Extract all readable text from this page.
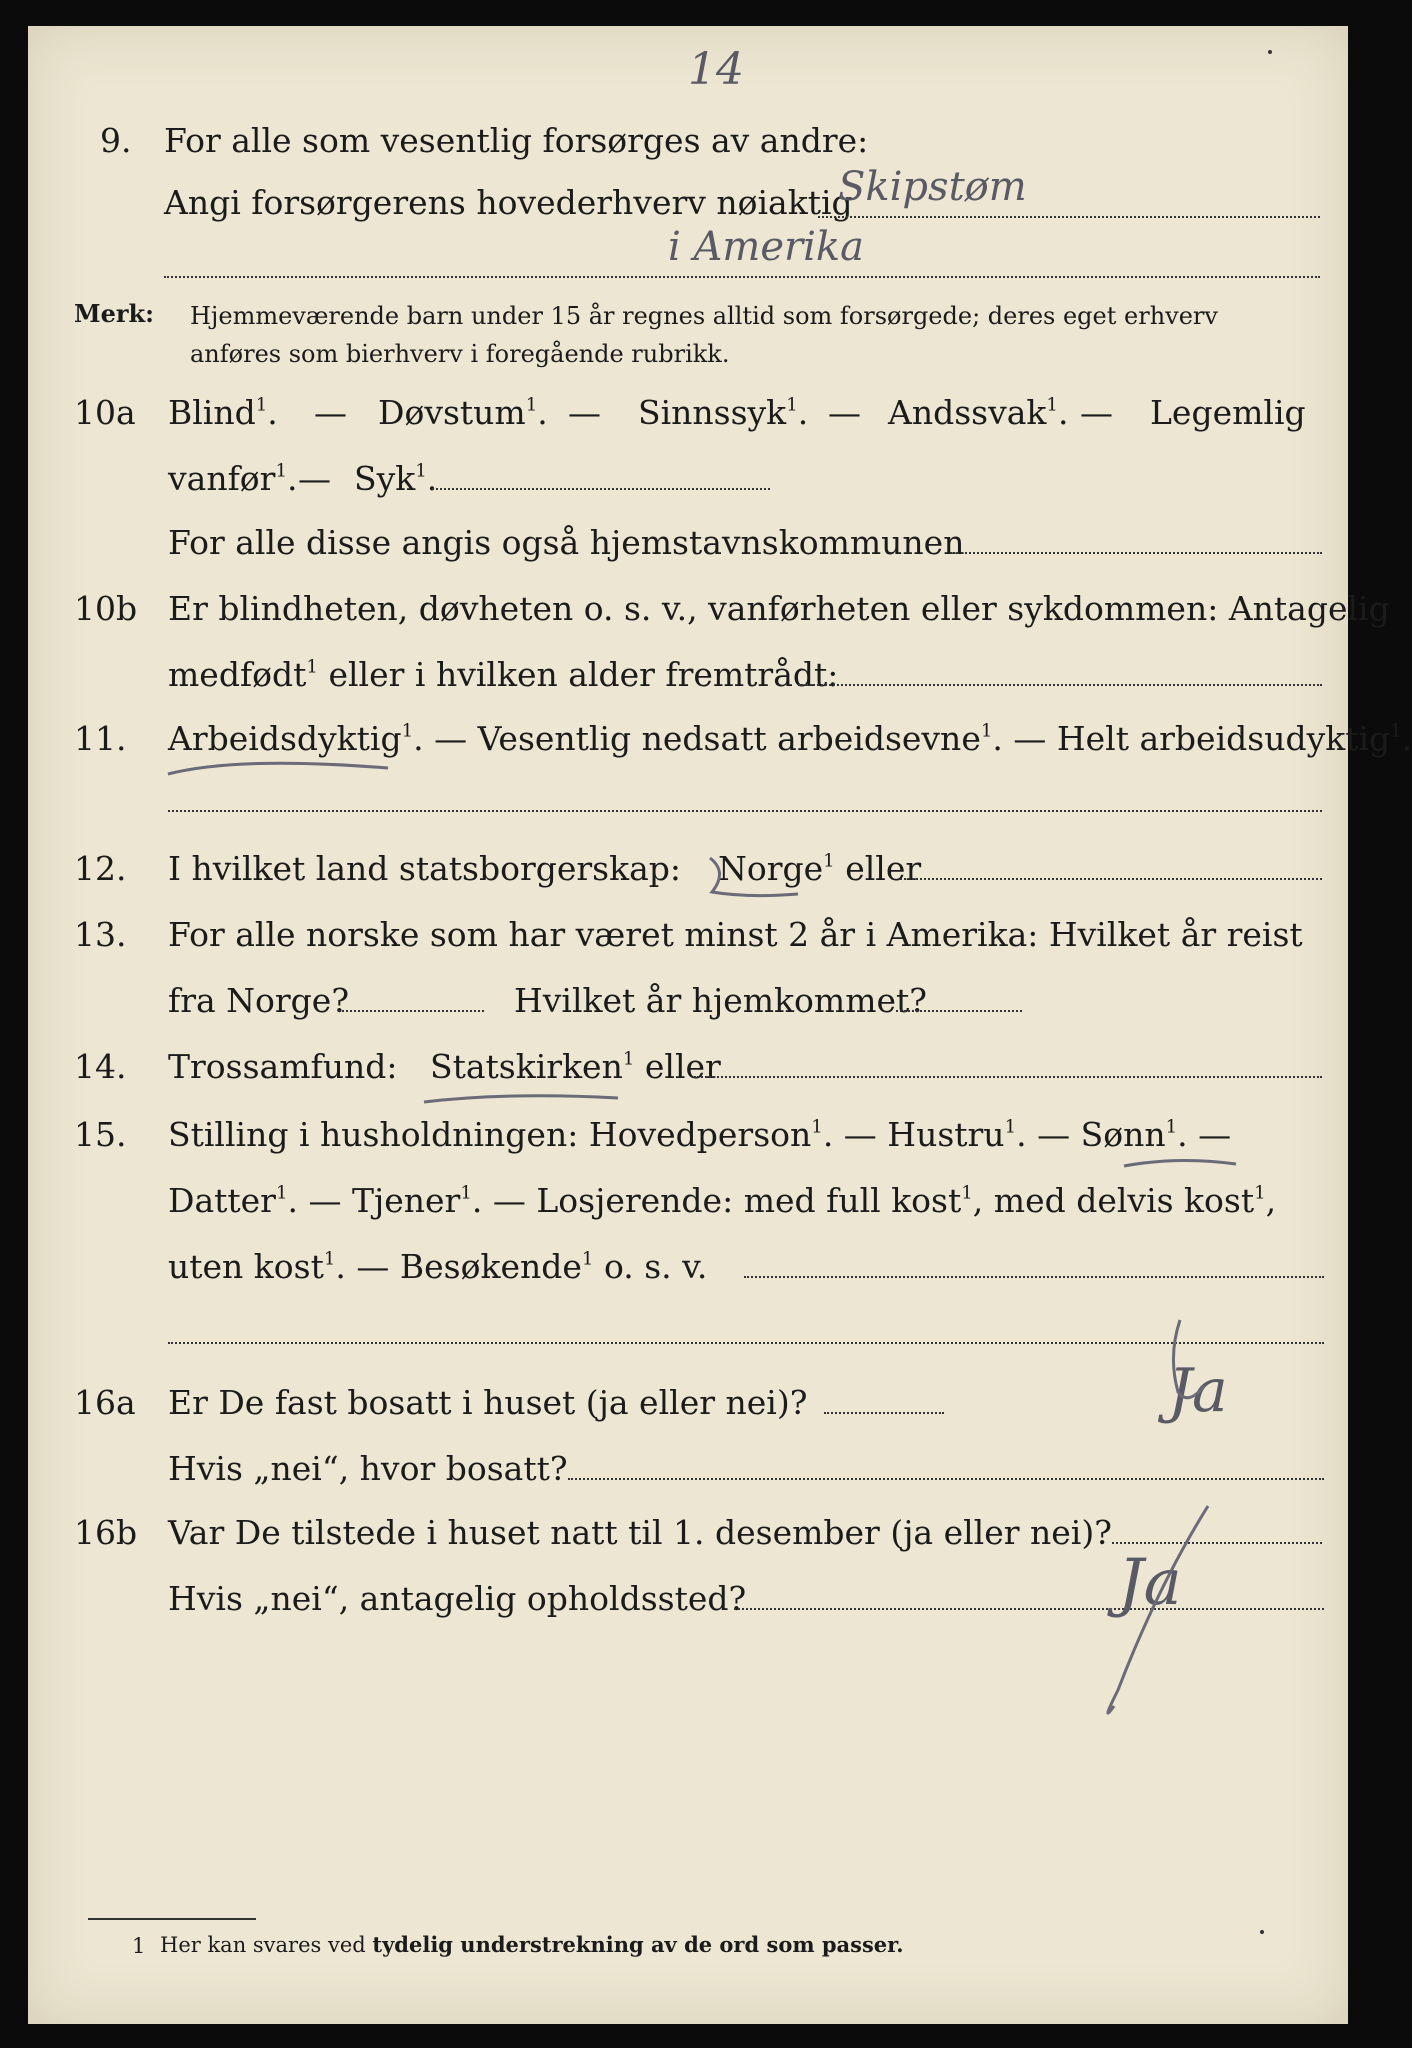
14
9. For alle som vesentlig forsørges av andre:
Angi forsørgerens hovederhverv nøiaktig
Skipstøm
i Amerika
Merk: Hjemmeværende barn under 15 år regnes alltid som forsørgede; deres eget erhverv
anføres som bierhverv i foregående rubrikk.
10a Blind$^1$. — Døvstum$^1$. — Sinnssyk$^1$. — Andssvak$^1$. — Legemlig
vanfør$^1$. — Syk$^1$.
For alle disse angis også hjemstavnskommunen
10b Er blindheten, døvheten o. s. v., vanførheten eller sykdommen: Antagelig
medfødt$^1$ eller i hvilken alder fremtrådt:
11. Arbeidsdyktig$^1$. — Vesentlig nedsatt arbeidsevne$^1$. — Helt arbeidsudyktig$^1$.
12. I hvilket land statsborgerskap: Norge$^1$ eller
13. For alle norske som har været minst 2 år i Amerika: Hvilket år reist
fra Norge?	Hvilket år hjemkommet?
14. Trossamfund: Statskirken$^1$ eller
15. Stilling i husholdningen: Hovedperson$^1$. — Hustru$^1$. — Sønn$^1$. —
Datter$^1$. — Tjener$^1$. — Losjerende: med full kost$^1$, med delvis kost$^1$,
uten kost$^1$. — Besøkende$^1$ o. s. v.
16a Er De fast bosatt i huset (ja eller nei)?
Hvis „nei“, hvor bosatt?
Ja
16b Var De tilstede i huset natt til 1. desember (ja eller nei)?
Hvis „nei“, antagelig opholdssted?	Ja
1 Her kan svares ved tydelig understrekning av de ord som passer.
